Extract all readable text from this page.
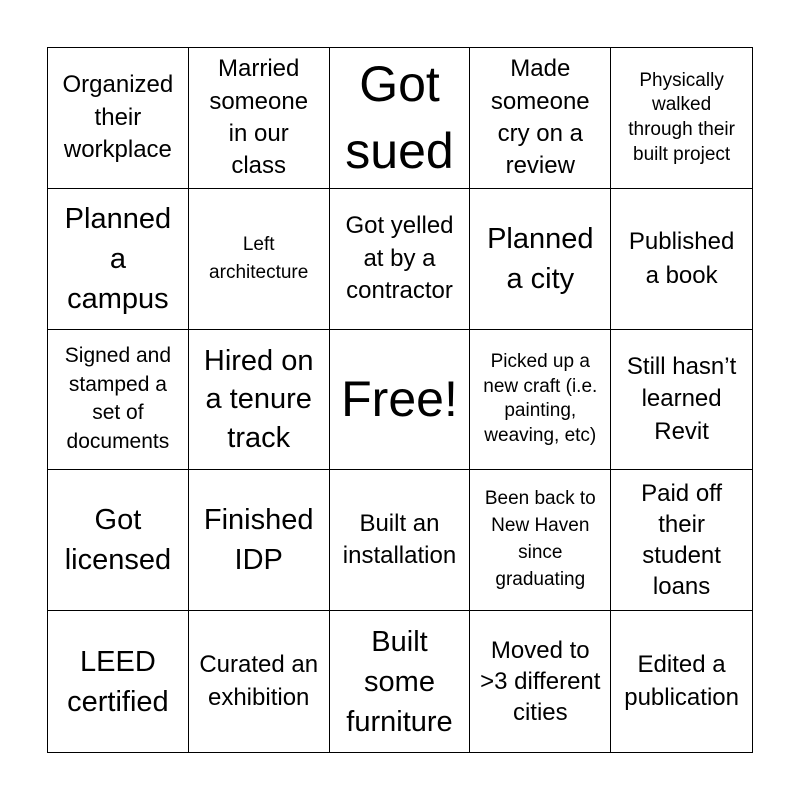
Organized their workplace
Married someone in our class
Got sued
Made someone cry on a review
Physically walked through their built project
Planned a campus
Left architecture
Got yelled at by a contractor
Planned a city
Published a book
Signed and stamped a set of documents
Hired on a tenure track
Free!
Picked up a new craft (i.e. painting, weaving, etc)
Still hasn’t learned Revit
Got licensed
Finished IDP
Built an installation
Been back to New Haven since graduating
Paid off their student loans
LEED certified
Curated an exhibition
Built some furniture
Moved to >3 different cities
Edited a publication
